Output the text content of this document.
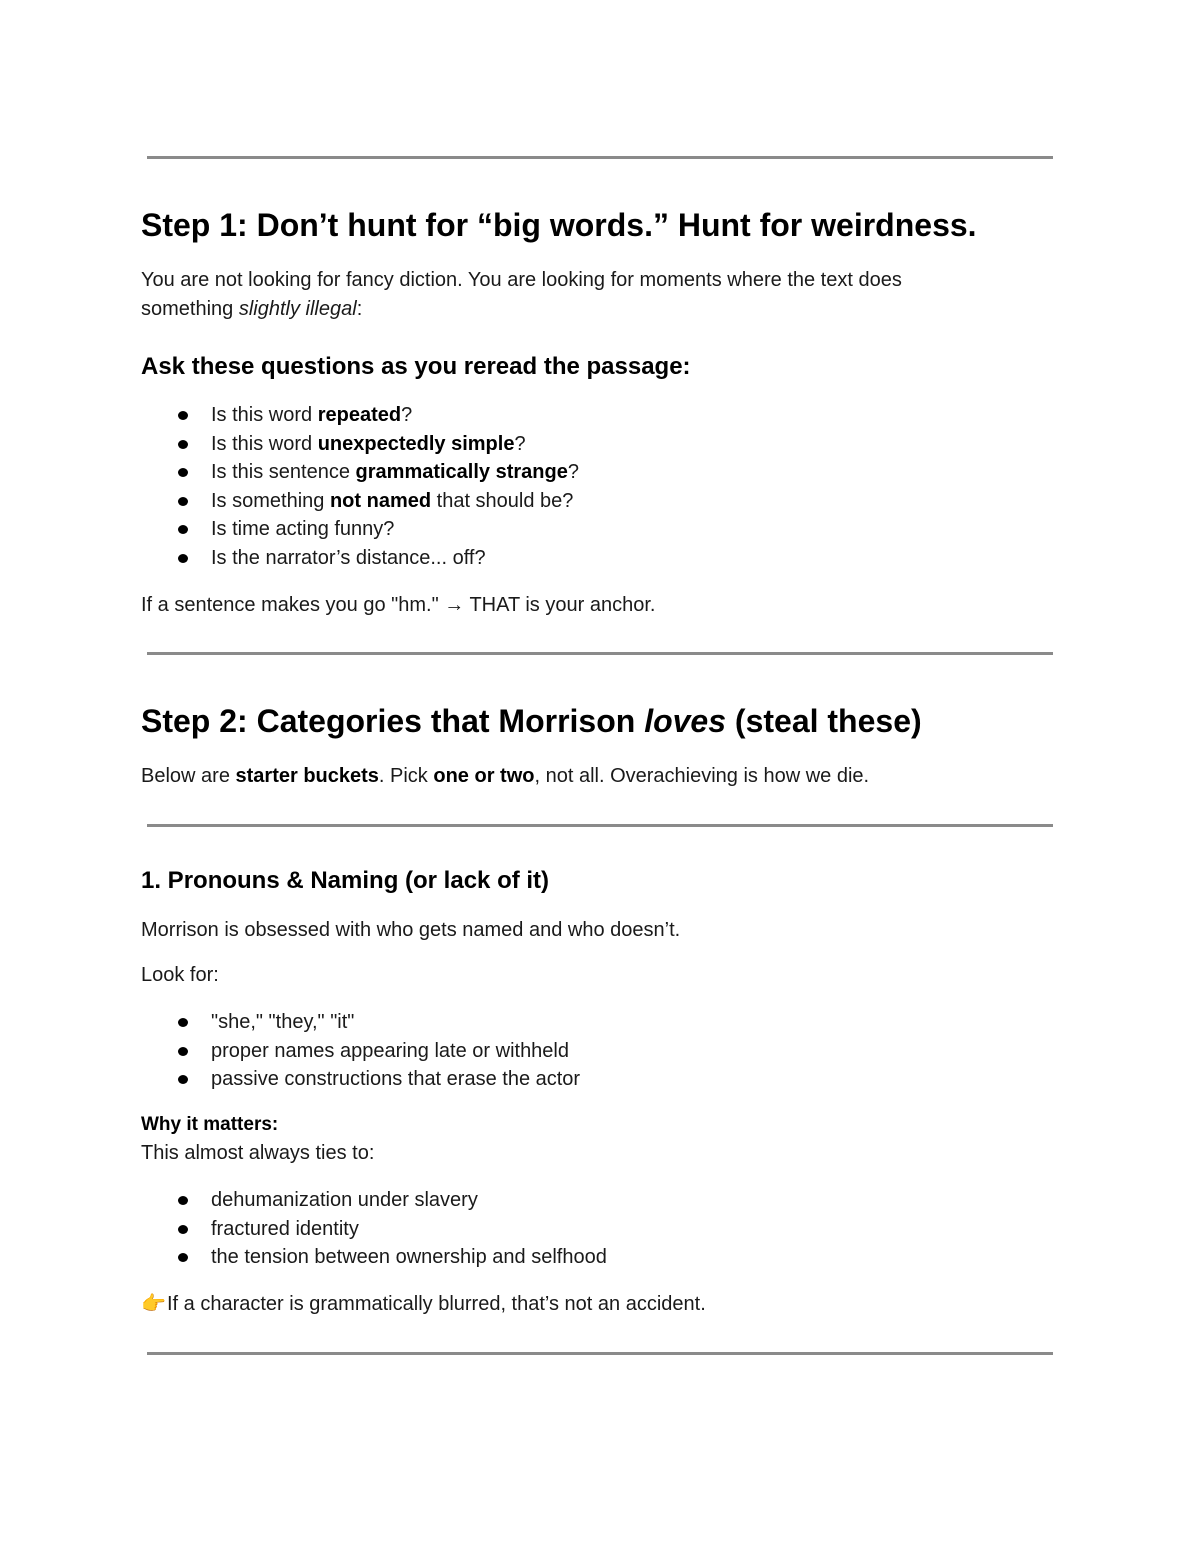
Step 1: Don’t hunt for “big words.” Hunt for weirdness.

You are not looking for fancy diction. You are looking for moments where the text does
something slightly illegal:

Ask these questions as you reread the passage:
Is this word repeated?
Is this word unexpectedly simple?
Is this sentence grammatically strange?
Is something not named that should be?
Is time acting funny?
Is the narrator’s distance... off?

If a sentence makes you go "hm." → THAT is your anchor.

Step 2: Categories that Morrison loves (steal these)

Below are starter buckets. Pick one or two, not all. Overachieving is how we die.

1. Pronouns & Naming (or lack of it)

Morrison is obsessed with who gets named and who doesn’t.

Look for:

"she," "they," "it"
proper names appearing late or withheld
passive constructions that erase the actor

Why it matters:

This almost always ties to:

dehumanization under slavery
fractured identity
the tension between ownership and selfhood

👉If a character is grammatically blurred, that’s not an accident.
